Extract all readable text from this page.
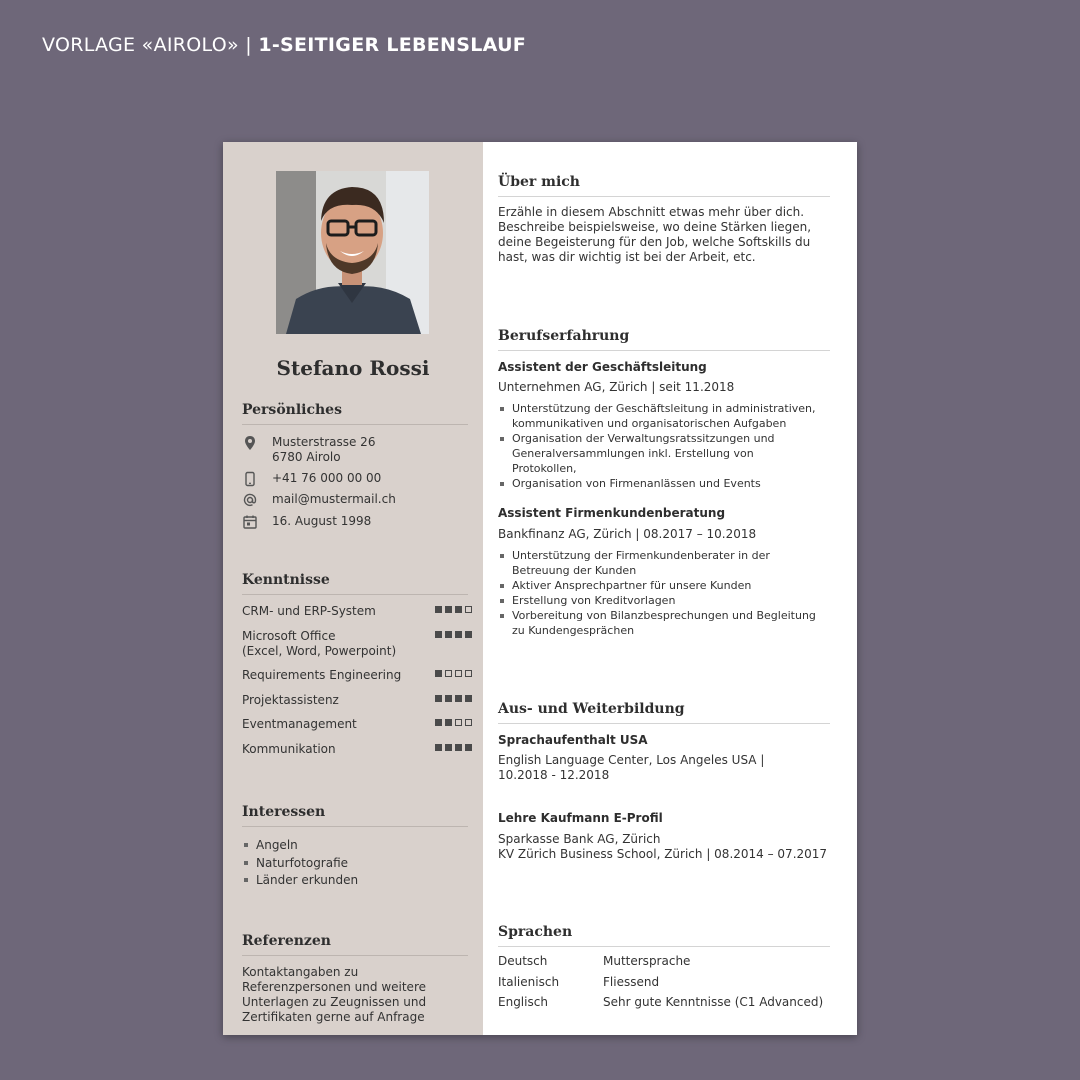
VORLAGE «AIROLO» | 1-SEITIGER LEBENSLAUF
Stefano Rossi
Persönliches
Musterstrasse 26
6780 Airolo
+41 76 000 00 00
mail@mustermail.ch
16. August 1998
Kenntnisse
CRM- und ERP-System
Microsoft Office
(Excel, Word, Powerpoint)
Requirements Engineering
Projektassistenz
Eventmanagement
Kommunikation
Interessen
Angeln
Naturfotografie
Länder erkunden
Referenzen
Kontaktangaben zu Referenzpersonen und weitere Unterlagen zu Zeugnissen und Zertifikaten gerne auf Anfrage
Über mich
Erzähle in diesem Abschnitt etwas mehr über dich. Beschreibe beispielsweise, wo deine Stärken liegen, deine Begeisterung für den Job, welche Softskills du hast, was dir wichtig ist bei der Arbeit, etc.
Berufserfahrung
Assistent der Geschäftsleitung
Unternehmen AG, Zürich | seit 11.2018
Unterstützung der Geschäftsleitung in administrativen, kommunikativen und organisatorischen Aufgaben
Organisation der Verwaltungsratssitzungen und Generalversammlungen inkl. Erstellung von Protokollen,
Organisation von Firmenanlässen und Events
Assistent Firmenkundenberatung
Bankfinanz AG, Zürich | 08.2017 – 10.2018
Unterstützung der Firmenkundenberater in der Betreuung der Kunden
Aktiver Ansprechpartner für unsere Kunden
Erstellung von Kreditvorlagen
Vorbereitung von Bilanzbesprechungen und Begleitung zu Kundengesprächen
Aus- und Weiterbildung
Sprachaufenthalt USA
English Language Center, Los Angeles USA | 10.2018 - 12.2018
Lehre Kaufmann E-Profil
Sparkasse Bank AG, Zürich
KV Zürich Business School, Zürich | 08.2014 – 07.2017
Sprachen
Deutsch	Muttersprache
Italienisch	Fliessend
Englisch	Sehr gute Kenntnisse (C1 Advanced)
